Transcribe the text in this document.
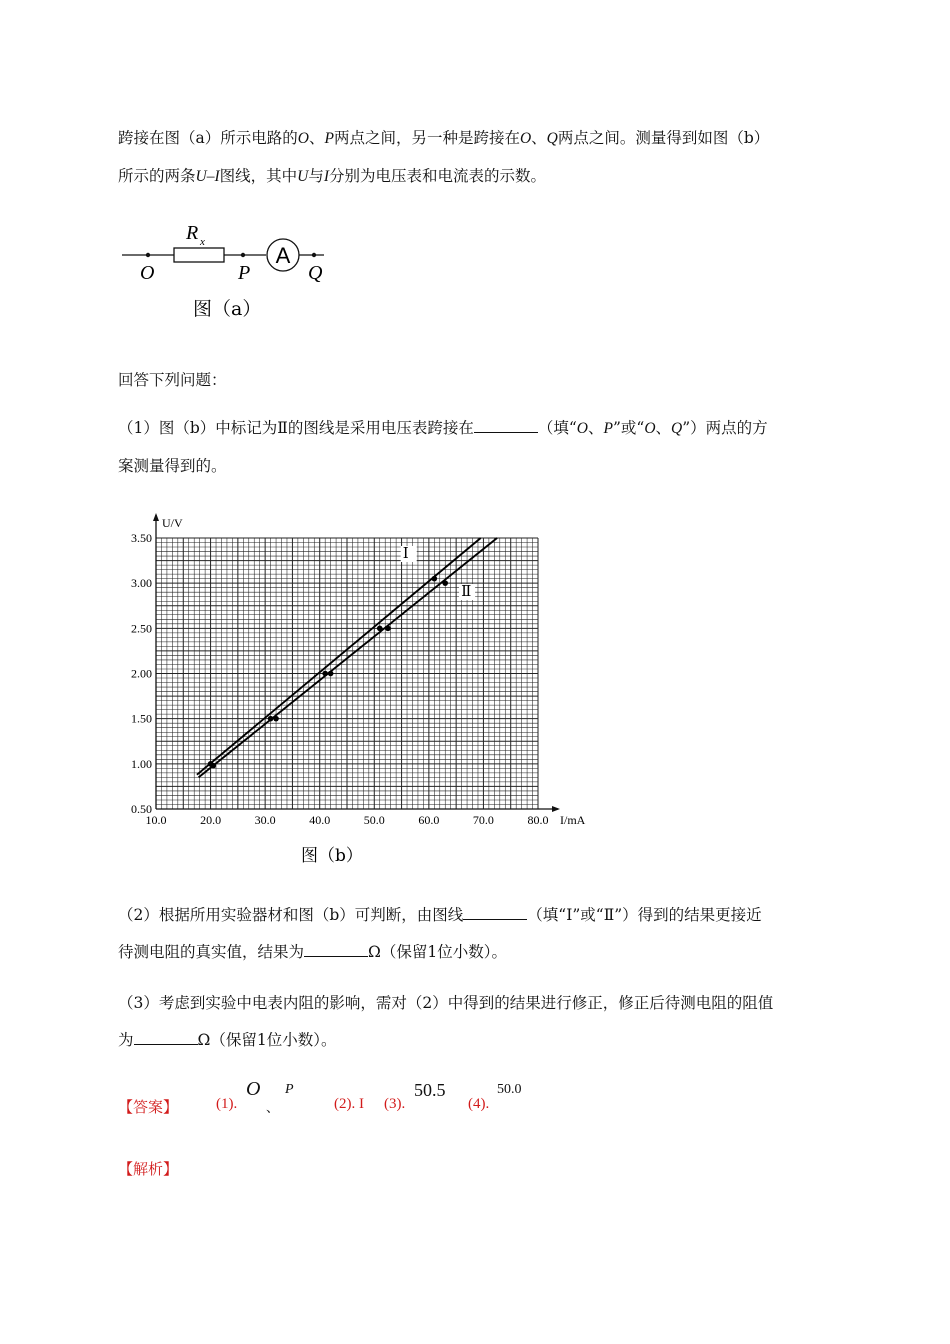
跨接在图（a）所示电路的O、P两点之间，另一种是跨接在O、Q两点之间。测量得到如图（b）
所示的两条U–I图线，其中U与I分别为电压表和电流表的示数。
A
R x
O	P	Q
图（a）
回答下列问题：
（1）图（b）中标记为Ⅱ的图线是采用电压表跨接在	（填“O、P”或“O、Q”）两点的方
案测量得到的。
0.50
1.00
1.50
2.00
2.50
3.00
3.50
10.0	20.0	30.0	40.0	50.0	60.0	70.0	80.0
Ⅰ
Ⅱ
U/V
I/mA
图（b）
（2）根据所用实验器材和图（b）可判断，由图线	（填“Ⅰ”或“Ⅱ”）得到的结果更接近
待测电阻的真实值，结果为	Ω（保留1位小数）。
（3）考虑到实验中电表内阻的影响，需对（2）中得到的结果进行修正，修正后待测电阻的阻值
为	Ω（保留1位小数）。
【答案】	(1).
O
、
P
(2). I (3).
50.5
(4).
50.0
【解析】
